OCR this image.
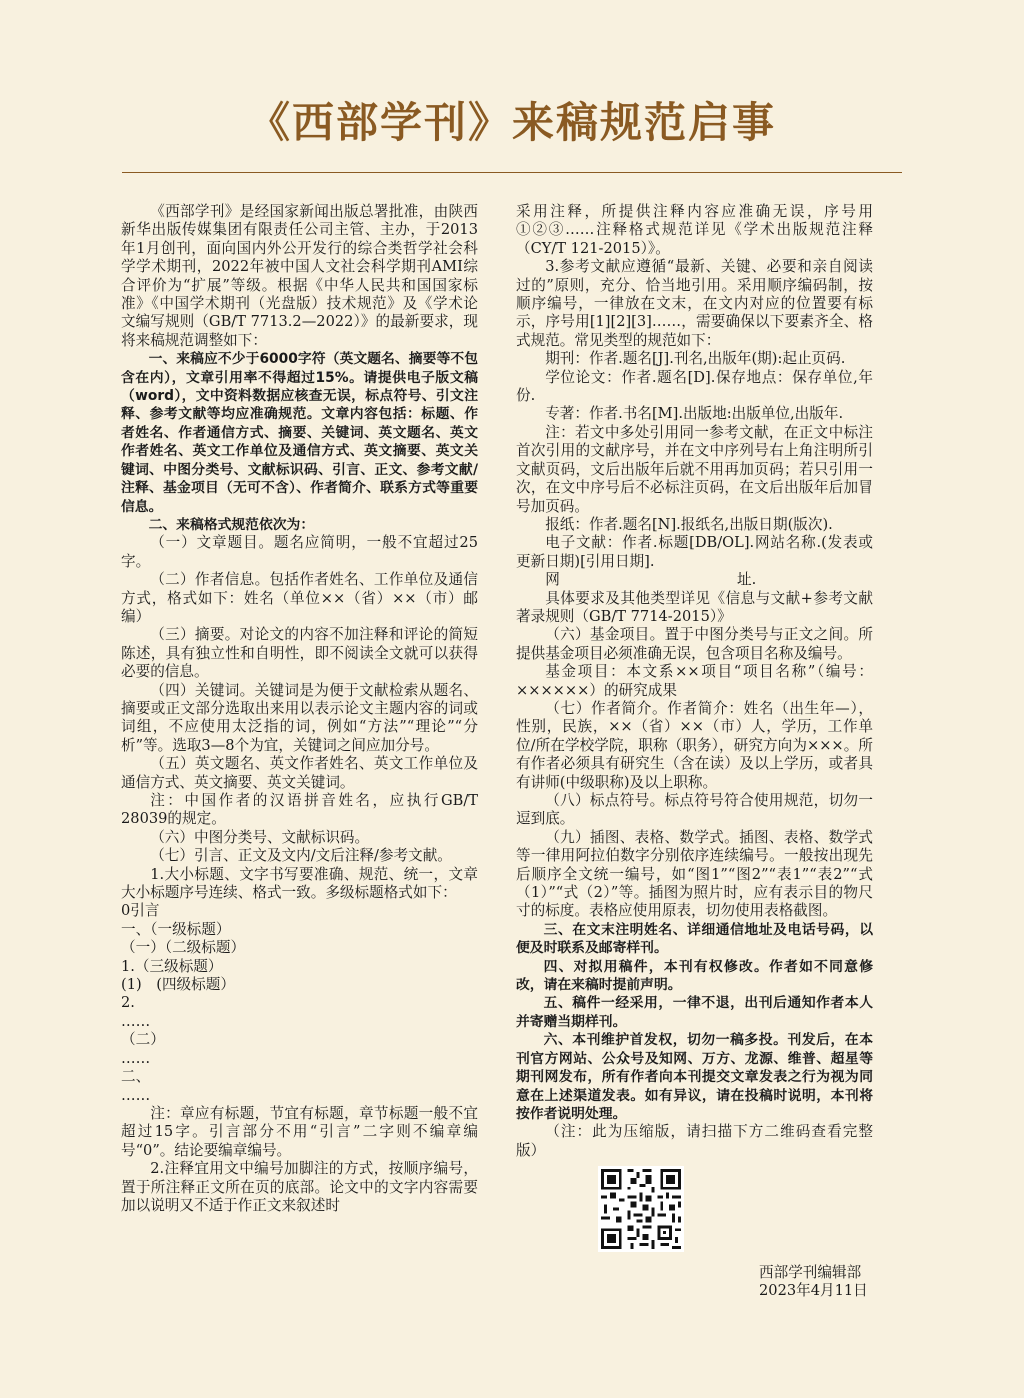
《西部学刊》来稿规范启事

《西部学刊》是经国家新闻出版总署批准，由陕西新华出版传媒集团有限责任公司主管、主办，于2013年1月创刊，面向国内外公开发行的综合类哲学社会科学学术期刊，2022年被中国人文社会科学期刊AMI综合评价为“扩展”等级。根据《中华人民共和国国家标准》《中国学术期刊（光盘版）技术规范》及《学术论文编写规则（GB/T 7713.2—2022）》的最新要求，现将来稿规范调整如下：

一、来稿应不少于6000字符（英文题名、摘要等不包含在内），文章引用率不得超过15%。请提供电子版文稿（word），文中资料数据应核查无误，标点符号、引文注释、参考文献等均应准确规范。文章内容包括：标题、作者姓名、作者通信方式、摘要、关键词、英文题名、英文作者姓名、英文工作单位及通信方式、英文摘要、英文关键词、中图分类号、文献标识码、引言、正文、参考文献/注释、基金项目（无可不含）、作者简介、联系方式等重要信息。

二、来稿格式规范依次为：

（一）文章题目。题名应简明，一般不宜超过25字。

（二）作者信息。包括作者姓名、工作单位及通信方式，格式如下：姓名（单位××（省）××（市）邮编）

（三）摘要。对论文的内容不加注释和评论的简短陈述，具有独立性和自明性，即不阅读全文就可以获得必要的信息。

（四）关键词。关键词是为便于文献检索从题名、摘要或正文部分选取出来用以表示论文主题内容的词或词组，不应使用太泛指的词，例如“方法”“理论”“分析”等。选取3—8个为宜，关键词之间应加分号。

（五）英文题名、英文作者姓名、英文工作单位及通信方式、英文摘要、英文关键词。

注：中国作者的汉语拼音姓名，应执行GB/T 28039的规定。

（六）中图分类号、文献标识码。

（七）引言、正文及文内/文后注释/参考文献。

1.大小标题、文字书写要准确、规范、统一，文章大小标题序号连续、格式一致。多级标题格式如下：

0引言

一、（一级标题）

（一）（二级标题）

1.（三级标题）

(1)　(四级标题）

2.

……

（二）

……

二、

……

注：章应有标题，节宜有标题，章节标题一般不宜超过15字。引言部分不用“引言”二字则不编章编号“0”。结论要编章编号。

2.注释宜用文中编号加脚注的方式，按顺序编号，置于所注释正文所在页的底部。论文中的文字内容需要加以说明又不适于作正文来叙述时

采用注释，所提供注释内容应准确无误，序号用①②③……注释格式规范详见《学术出版规范注释（CY/T 121-2015）》。

3.参考文献应遵循“最新、关键、必要和亲自阅读过的”原则，充分、恰当地引用。采用顺序编码制，按顺序编号，一律放在文末，在文内对应的位置要有标示，序号用[1][2][3]……，需要确保以下要素齐全、格式规范。常见类型的规范如下：

期刊：作者.题名[J].刊名,出版年(期):起止页码.

学位论文：作者.题名[D].保存地点：保存单位,年份.

专著：作者.书名[M].出版地:出版单位,出版年.

注：若文中多处引用同一参考文献，在正文中标注首次引用的文献序号，并在文中序列号右上角注明所引文献页码，文后出版年后就不用再加页码；若只引用一次，在文中序号后不必标注页码，在文后出版年后加冒号加页码。

报纸：作者.题名[N].报纸名,出版日期(版次).

电子文献：作者.标题[DB/OL].网站名称.(发表或更新日期)[引用日期].

网	址.

具体要求及其他类型详见《信息与文献+参考文献著录规则（GB/T 7714-2015）》

（六）基金项目。置于中图分类号与正文之间。所提供基金项目必须准确无误，包含项目名称及编号。

基金项目：本文系××项目“项目名称”（编号：××××××）的研究成果

（七）作者简介。作者简介：姓名（出生年—），性别，民族，××（省）××（市）人，学历，工作单位/所在学校学院，职称（职务），研究方向为×××。所有作者必须具有研究生（含在读）及以上学历，或者具有讲师(中级职称)及以上职称。

（八）标点符号。标点符号符合使用规范，切勿一逗到底。

（九）插图、表格、数学式。插图、表格、数学式等一律用阿拉伯数字分别依序连续编号。一般按出现先后顺序全文统一编号，如“图1”“图2”“表1”“表2”“式（1）”“式（2）”等。插图为照片时，应有表示目的物尺寸的标度。表格应使用原表，切勿使用表格截图。

三、在文末注明姓名、详细通信地址及电话号码，以便及时联系及邮寄样刊。

四、对拟用稿件，本刊有权修改。作者如不同意修改，请在来稿时提前声明。

五、稿件一经采用，一律不退，出刊后通知作者本人并寄赠当期样刊。

六、本刊维护首发权，切勿一稿多投。刊发后，在本刊官方网站、公众号及知网、万方、龙源、维普、超星等期刊网发布，所有作者向本刊提交文章发表之行为视为同意在上述渠道发表。如有异议，请在投稿时说明，本刊将按作者说明处理。

（注：此为压缩版，请扫描下方二维码查看完整版）

西部学刊编辑部
2023年4月11日
